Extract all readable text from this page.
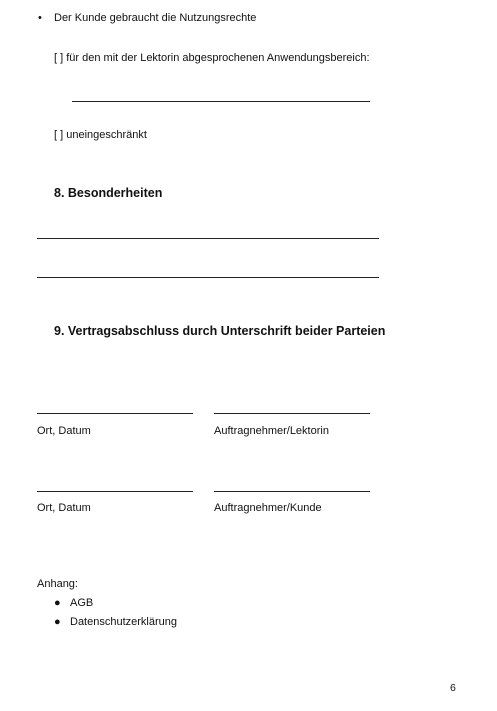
• Der Kunde gebraucht die Nutzungsrechte
[ ] für den mit der Lektorin abgesprochenen Anwendungsbereich:
[ ] uneingeschränkt
8. Besonderheiten
9. Vertragsabschluss durch Unterschrift beider Parteien
Ort, Datum	Auftragnehmer/Lektorin
Ort, Datum	Auftragnehmer/Kunde
Anhang:
● AGB
● Datenschutzerklärung
6
